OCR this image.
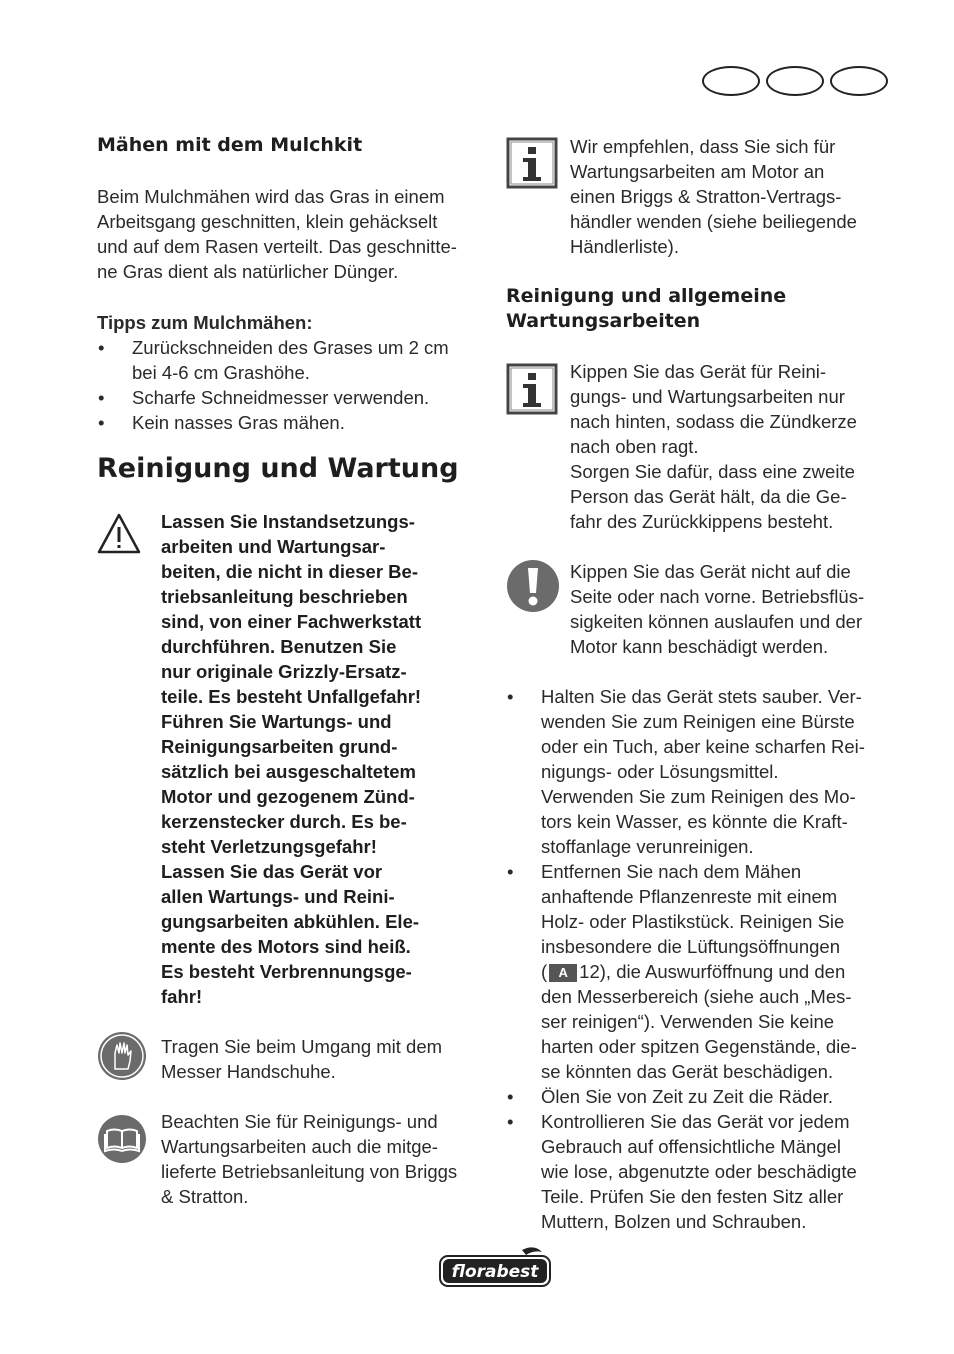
Mähen mit dem Mulchkit
Beim Mulchmähen wird das Gras in einem
Arbeitsgang geschnitten, klein gehäckselt
und auf dem Rasen verteilt. Das geschnitte-
ne Gras dient als natürlicher Dünger.
Tipps zum Mulchmähen:
• Zurückschneiden des Grases um 2 cm
bei 4-6 cm Grashöhe.
• Scharfe Schneidmesser verwenden.
• Kein nasses Gras mähen.
Reinigung und Wartung
Lassen Sie Instandsetzungs-
arbeiten und Wartungsar-
beiten, die nicht in dieser Be-
triebsanleitung beschrieben
sind, von einer Fachwerkstatt
durchführen. Benutzen Sie
nur originale Grizzly-Ersatz-
teile. Es besteht Unfallgefahr!
Führen Sie Wartungs- und
Reinigungsarbeiten grund-
sätzlich bei ausgeschaltetem
Motor und gezogenem Zünd-
kerzenstecker durch. Es be-
steht Verletzungsgefahr!
Lassen Sie das Gerät vor
allen Wartungs- und Reini-
gungsarbeiten abkühlen. Ele-
mente des Motors sind heiß.
Es besteht Verbrennungsge-
fahr!
Tragen Sie beim Umgang mit dem
Messer Handschuhe.
Beachten Sie für Reinigungs- und
Wartungsarbeiten auch die mitge-
lieferte Betriebsanleitung von Briggs
& Stratton.
Wir empfehlen, dass Sie sich für
Wartungsarbeiten am Motor an
einen Briggs & Stratton-Vertrags-
händler wenden (siehe beiliegende
Händlerliste).
Reinigung und allgemeine
Wartungsarbeiten
Kippen Sie das Gerät für Reini-
gungs- und Wartungsarbeiten nur
nach hinten, sodass die Zündkerze
nach oben ragt.
Sorgen Sie dafür, dass eine zweite
Person das Gerät hält, da die Ge-
fahr des Zurückkippens besteht.
Kippen Sie das Gerät nicht auf die
Seite oder nach vorne. Betriebsflüs-
sigkeiten können auslaufen und der
Motor kann beschädigt werden.
• Halten Sie das Gerät stets sauber. Ver-
wenden Sie zum Reinigen eine Bürste
oder ein Tuch, aber keine scharfen Rei-
nigungs- oder Lösungsmittel.
Verwenden Sie zum Reinigen des Mo-
tors kein Wasser, es könnte die Kraft-
stoffanlage verunreinigen.
• Entfernen Sie nach dem Mähen
anhaftende Pflanzenreste mit einem
Holz- oder Plastikstück. Reinigen Sie
insbesondere die Lüftungsöffnungen
( A 12), die Auswurföffnung und den
den Messerbereich (siehe auch „Mes-
ser reinigen“). Verwenden Sie keine
harten oder spitzen Gegenstände, die-
se könnten das Gerät beschädigen.
• Ölen Sie von Zeit zu Zeit die Räder.
• Kontrollieren Sie das Gerät vor jedem
Gebrauch auf offensichtliche Mängel
wie lose, abgenutzte oder beschädigte
Teile. Prüfen Sie den festen Sitz aller
Muttern, Bolzen und Schrauben.
florabest
